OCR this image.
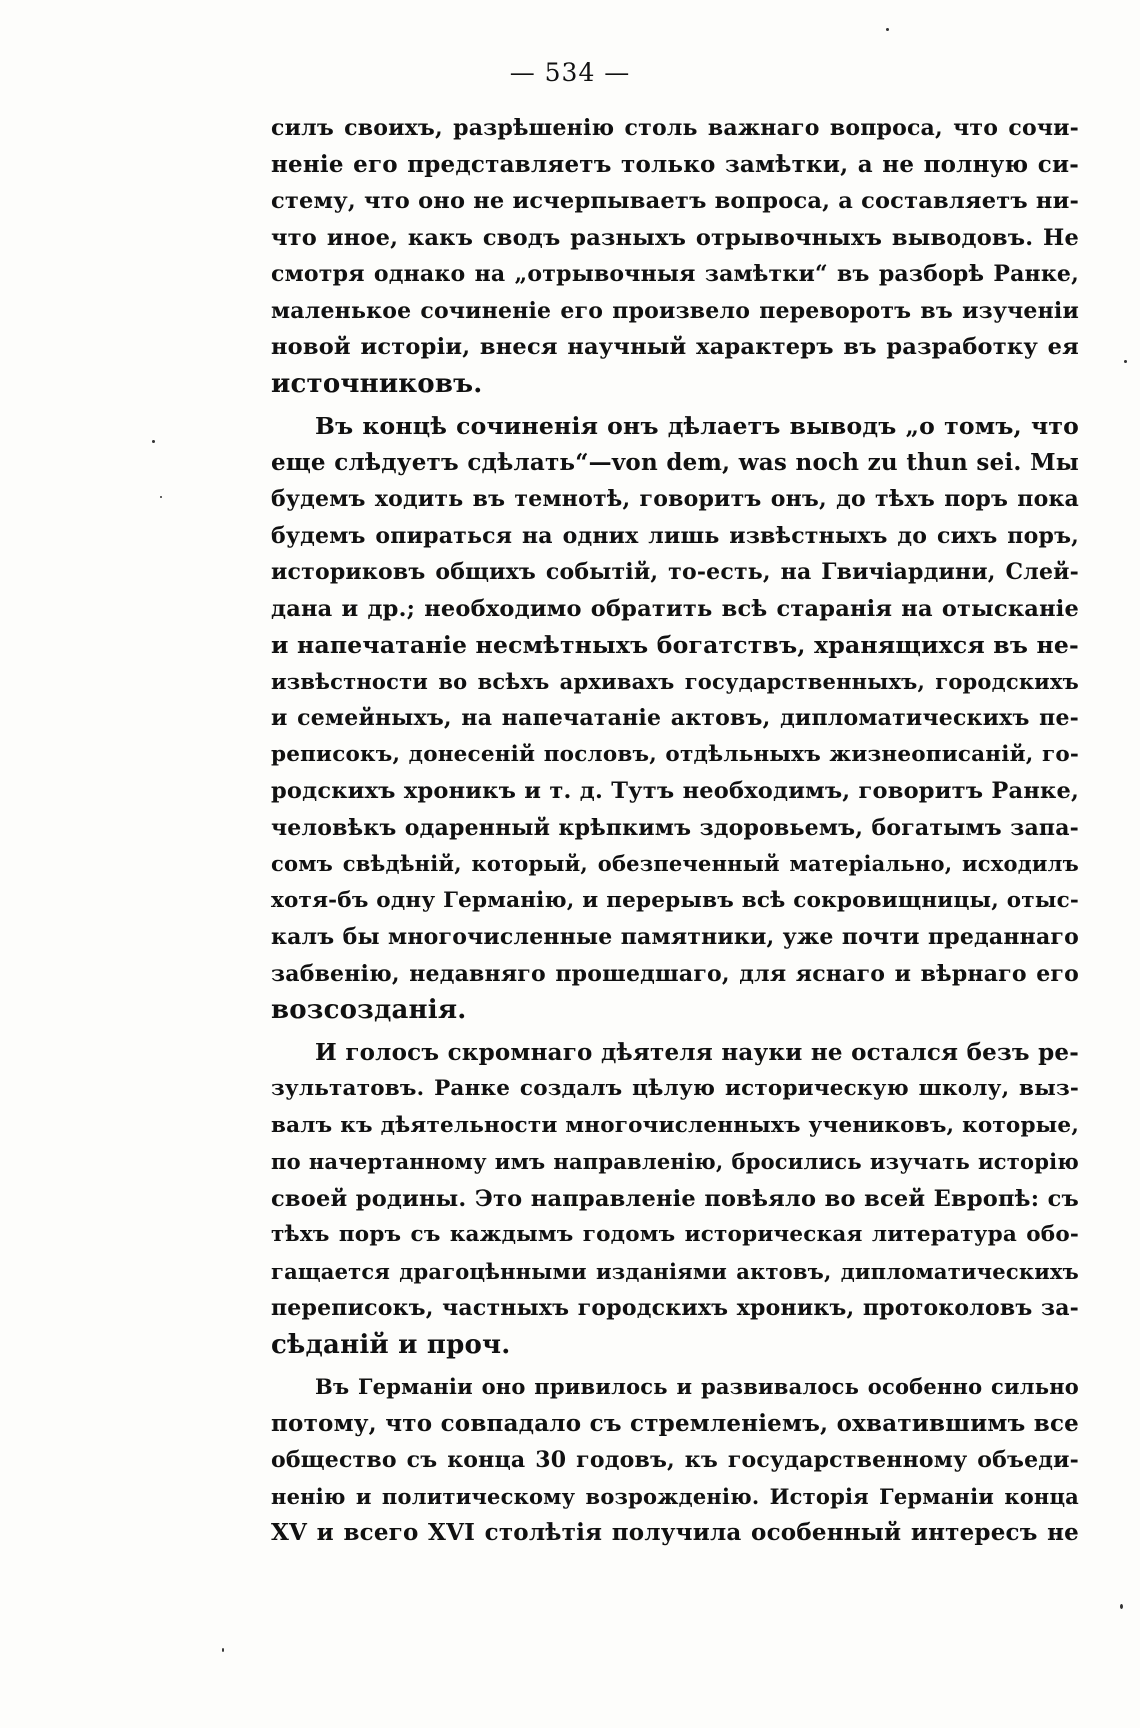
— 534 —
силъ своихъ, разрѣшенію столь важнаго вопроса, что сочи-
неніе его представляетъ только замѣтки, а не полную си-
стему, что оно не исчерпываетъ вопроса, а составляетъ ни-
что иное, какъ сводъ разныхъ отрывочныхъ выводовъ. Не
смотря однако на „отрывочныя замѣтки“ въ разборѣ Ранке,
маленькое сочиненіе его произвело переворотъ въ изученіи
новой исторіи, внеся научный характеръ въ разработку ея
источниковъ.
Въ концѣ сочиненія онъ дѣлаетъ выводъ „о томъ, что
еще слѣдуетъ сдѣлать“—von dem, was noch zu thun sei. Мы
будемъ ходить въ темнотѣ, говоритъ онъ, до тѣхъ поръ пока
будемъ опираться на одних лишь извѣстныхъ до сихъ поръ,
историковъ общихъ событій, то-есть, на Гвичіардини, Слей-
дана и др.; необходимо обратить всѣ старанія на отысканіе
и напечатаніе несмѣтныхъ богатствъ, хранящихся въ не-
извѣстности во всѣхъ архивахъ государственныхъ, городскихъ
и семейныхъ, на напечатаніе актовъ, дипломатическихъ пе-
реписокъ, донесеній пословъ, отдѣльныхъ жизнеописаній, го-
родскихъ хроникъ и т. д. Тутъ необходимъ, говоритъ Ранке,
человѣкъ одаренный крѣпкимъ здоровьемъ, богатымъ запа-
сомъ свѣдѣній, который, обезпеченный матеріально, исходилъ
хотя-бъ одну Германію, и перерывъ всѣ сокровищницы, отыс-
калъ бы многочисленные памятники, уже почти преданнаго
забвенію, недавняго прошедшаго, для яснаго и вѣрнаго его
возсозданія.
И голосъ скромнаго дѣятеля науки не остался безъ ре-
зультатовъ. Ранке создалъ цѣлую историческую школу, выз-
валъ къ дѣятельности многочисленныхъ учениковъ, которые,
по начертанному имъ направленію, бросились изучать исторію
своей родины. Это направленіе повѣяло во всей Европѣ: съ
тѣхъ поръ съ каждымъ годомъ историческая литература обо-
гащается драгоцѣнными изданіями актовъ, дипломатическихъ
переписокъ, частныхъ городскихъ хроникъ, протоколовъ за-
сѣданій и проч.
Въ Германіи оно привилось и развивалось особенно сильно
потому, что совпадало съ стремленіемъ, охватившимъ все
общество съ конца 30 годовъ, къ государственному объеди-
ненію и политическому возрожденію. Исторія Германіи конца
XV и всего XVI столѣтія получила особенный интересъ не
